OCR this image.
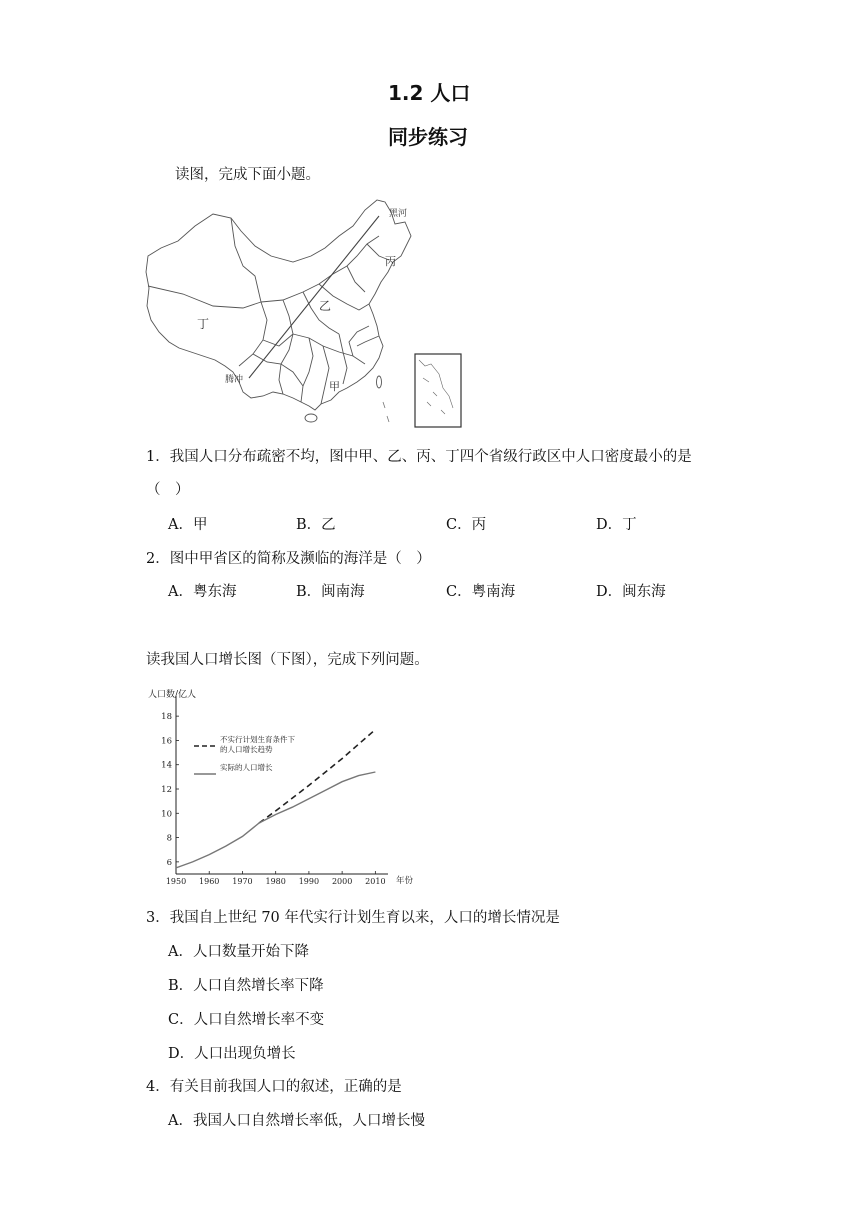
1.2 人口
同步练习
读图，完成下面小题。
黑河
腾冲	甲
乙
丙
丁
1．我国人口分布疏密不均，图中甲、乙、丙、丁四个省级行政区中人口密度最小的是
（　）
A．甲	B．乙	C．丙	D．丁
2．图中甲省区的简称及濒临的海洋是（　）
A．粤东海	B．闽南海	C．粤南海	D．闽东海
读我国人口增长图（下图），完成下列问题。
人口数/亿人
年份
6
8
10
12
14
16
18
1950 1960 1970 1980 1990 2000 2010
不实行计划生育条件下
的人口增长趋势
实际的人口增长
3．我国自上世纪 70 年代实行计划生育以来，人口的增长情况是
A．人口数量开始下降
B．人口自然增长率下降
C．人口自然增长率不变
D．人口出现负增长
4．有关目前我国人口的叙述，正确的是
A．我国人口自然增长率低，人口增长慢
